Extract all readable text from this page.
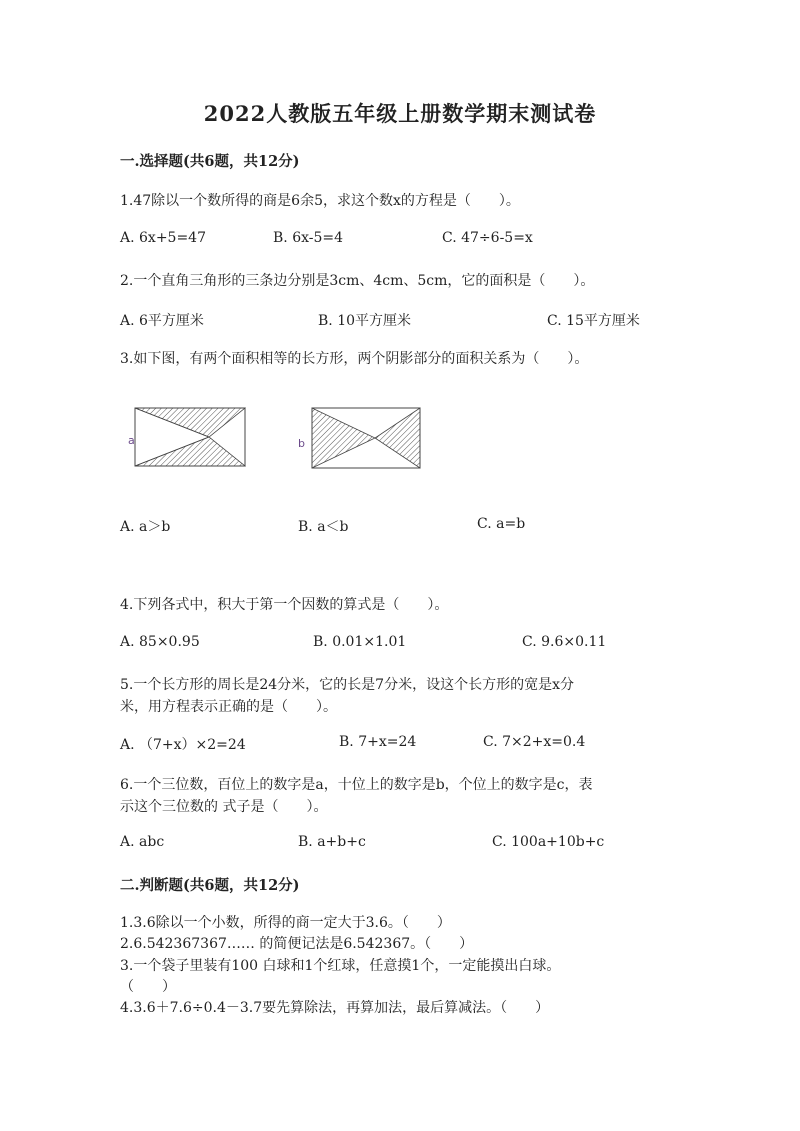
2022人教版五年级上册数学期末测试卷
一.选择题(共6题，共12分)
1.47除以一个数所得的商是6余5，求这个数x的方程是（　　）。
A. 6x+5=47	B. 6x-5=4	C. 47÷6-5=x
2.一个直角三角形的三条边分别是3cm、4cm、5cm，它的面积是（　　）。
A. 6平方厘米	B. 10平方厘米	C. 15平方厘米
3.如下图，有两个面积相等的长方形，两个阴影部分的面积关系为（　　）。
a	b
A. a＞b	B. a＜b	C. a=b
4.下列各式中，积大于第一个因数的算式是（　　）。
A. 85×0.95	B. 0.01×1.01	C. 9.6×0.11
5.一个长方形的周长是24分米，它的长是7分米，设这个长方形的宽是x分
米，用方程表示正确的是（　　）。
A. （7+x）×2=24	B. 7+x=24	C. 7×2+x=0.4
6.一个三位数，百位上的数字是a，十位上的数字是b，个位上的数字是c，表
示这个三位数的 式子是（　　）。
A. abc	B. a+b+c	C. 100a+10b+c
二.判断题(共6题，共12分)
1.3.6除以一个小数，所得的商一定大于3.6。（　　）
2.6.542367367…… 的简便记法是6.542367。（　　）
3.一个袋子里装有100 白球和1个红球，任意摸1个，一定能摸出白球。
（　　）
4.3.6＋7.6÷0.4－3.7要先算除法，再算加法，最后算减法。（　　）
